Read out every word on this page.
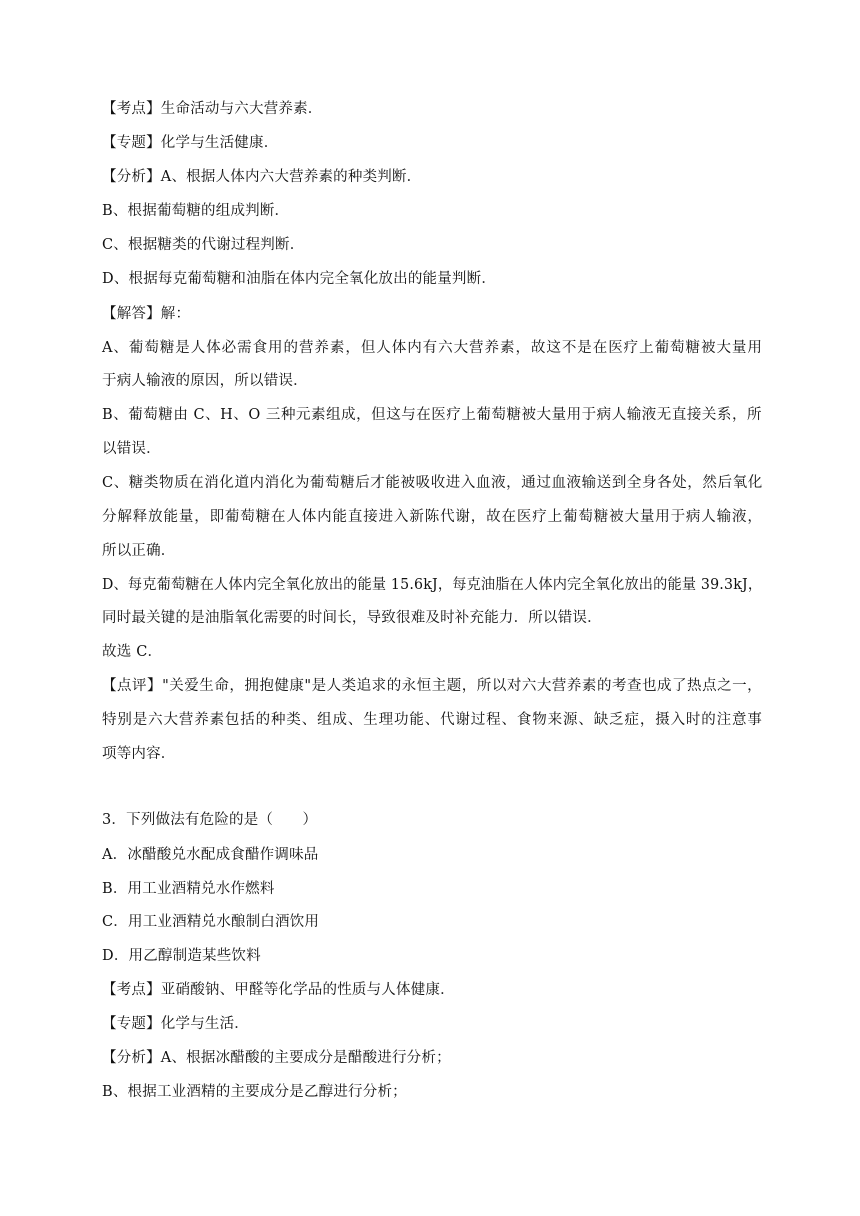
【考点】生命活动与六大营养素．
【专题】化学与生活健康．
【分析】A、根据人体内六大营养素的种类判断．
B、根据葡萄糖的组成判断．
C、根据糖类的代谢过程判断．
D、根据每克葡萄糖和油脂在体内完全氧化放出的能量判断．
【解答】解：
A、葡萄糖是人体必需食用的营养素，但人体内有六大营养素，故这不是在医疗上葡萄糖被大量用
于病人输液的原因，所以错误．
B、葡萄糖由 C、H、O 三种元素组成，但这与在医疗上葡萄糖被大量用于病人输液无直接关系，所
以错误．
C、糖类物质在消化道内消化为葡萄糖后才能被吸收进入血液，通过血液输送到全身各处，然后氧化
分解释放能量，即葡萄糖在人体内能直接进入新陈代谢，故在医疗上葡萄糖被大量用于病人输液，
所以正确．
D、每克葡萄糖在人体内完全氧化放出的能量 15.6kJ，每克油脂在人体内完全氧化放出的能量 39.3kJ，
同时最关键的是油脂氧化需要的时间长，导致很难及时补充能力．所以错误．
故选 C．
【点评】"关爱生命，拥抱健康"是人类追求的永恒主题，所以对六大营养素的考查也成了热点之一，
特别是六大营养素包括的种类、组成、生理功能、代谢过程、食物来源、缺乏症，摄入时的注意事
项等内容．
3．下列做法有危险的是（　　）
A．冰醋酸兑水配成食醋作调味品
B．用工业酒精兑水作燃料
C．用工业酒精兑水酿制白酒饮用
D．用乙醇制造某些饮料
【考点】亚硝酸钠、甲醛等化学品的性质与人体健康．
【专题】化学与生活．
【分析】A、根据冰醋酸的主要成分是醋酸进行分析；
B、根据工业酒精的主要成分是乙醇进行分析；
